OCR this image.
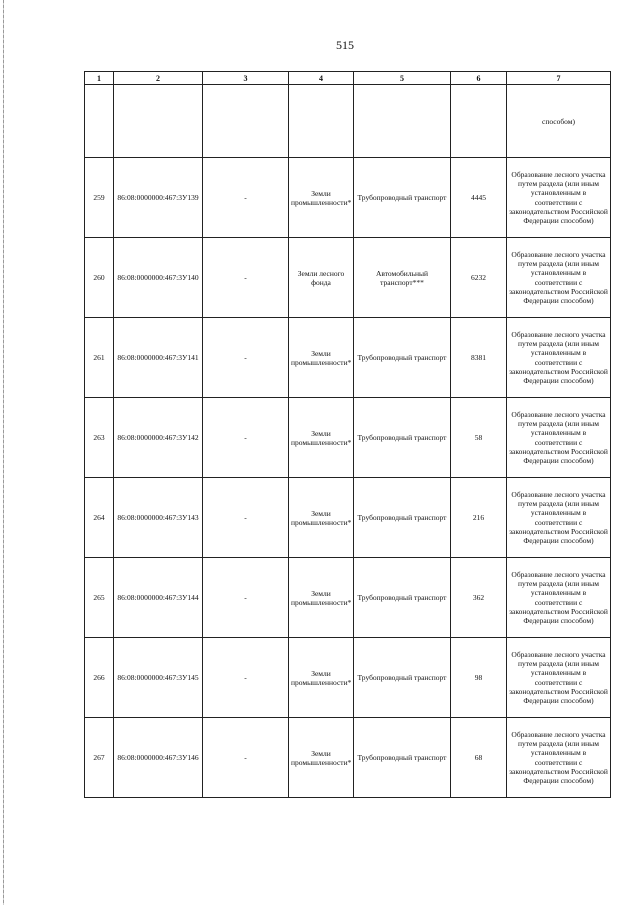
515
1	2	3	4	5	6	7
						способом)
259	86:08:0000000:467:3У139	-	Земли промышленности*	Трубопроводный транспорт	4445	Образование лесного участка путем раздела (или иным установленным в соответствии с законодательством Российской Федерации способом)
260	86:08:0000000:467:3У140	-	Земли лесного фонда	Автомобильный транспорт***	6232	Образование лесного участка путем раздела (или иным установленным в соответствии с законодательством Российской Федерации способом)
261	86:08:0000000:467:3У141	-	Земли промышленности*	Трубопроводный транспорт	8381	Образование лесного участка путем раздела (или иным установленным в соответствии с законодательством Российской Федерации способом)
263	86:08:0000000:467:3У142	-	Земли промышленности*	Трубопроводный транспорт	58	Образование лесного участка путем раздела (или иным установленным в соответствии с законодательством Российской Федерации способом)
264	86:08:0000000:467:3У143	-	Земли промышленности*	Трубопроводный транспорт	216	Образование лесного участка путем раздела (или иным установленным в соответствии с законодательством Российской Федерации способом)
265	86:08:0000000:467:3У144	-	Земли промышленности*	Трубопроводный транспорт	362	Образование лесного участка путем раздела (или иным установленным в соответствии с законодательством Российской Федерации способом)
266	86:08:0000000:467:3У145	-	Земли промышленности*	Трубопроводный транспорт	98	Образование лесного участка путем раздела (или иным установленным в соответствии с законодательством Российской Федерации способом)
267	86:08:0000000:467:3У146	-	Земли промышленности*	Трубопроводный транспорт	68	Образование лесного участка путем раздела (или иным установленным в соответствии с законодательством Российской Федерации способом)
